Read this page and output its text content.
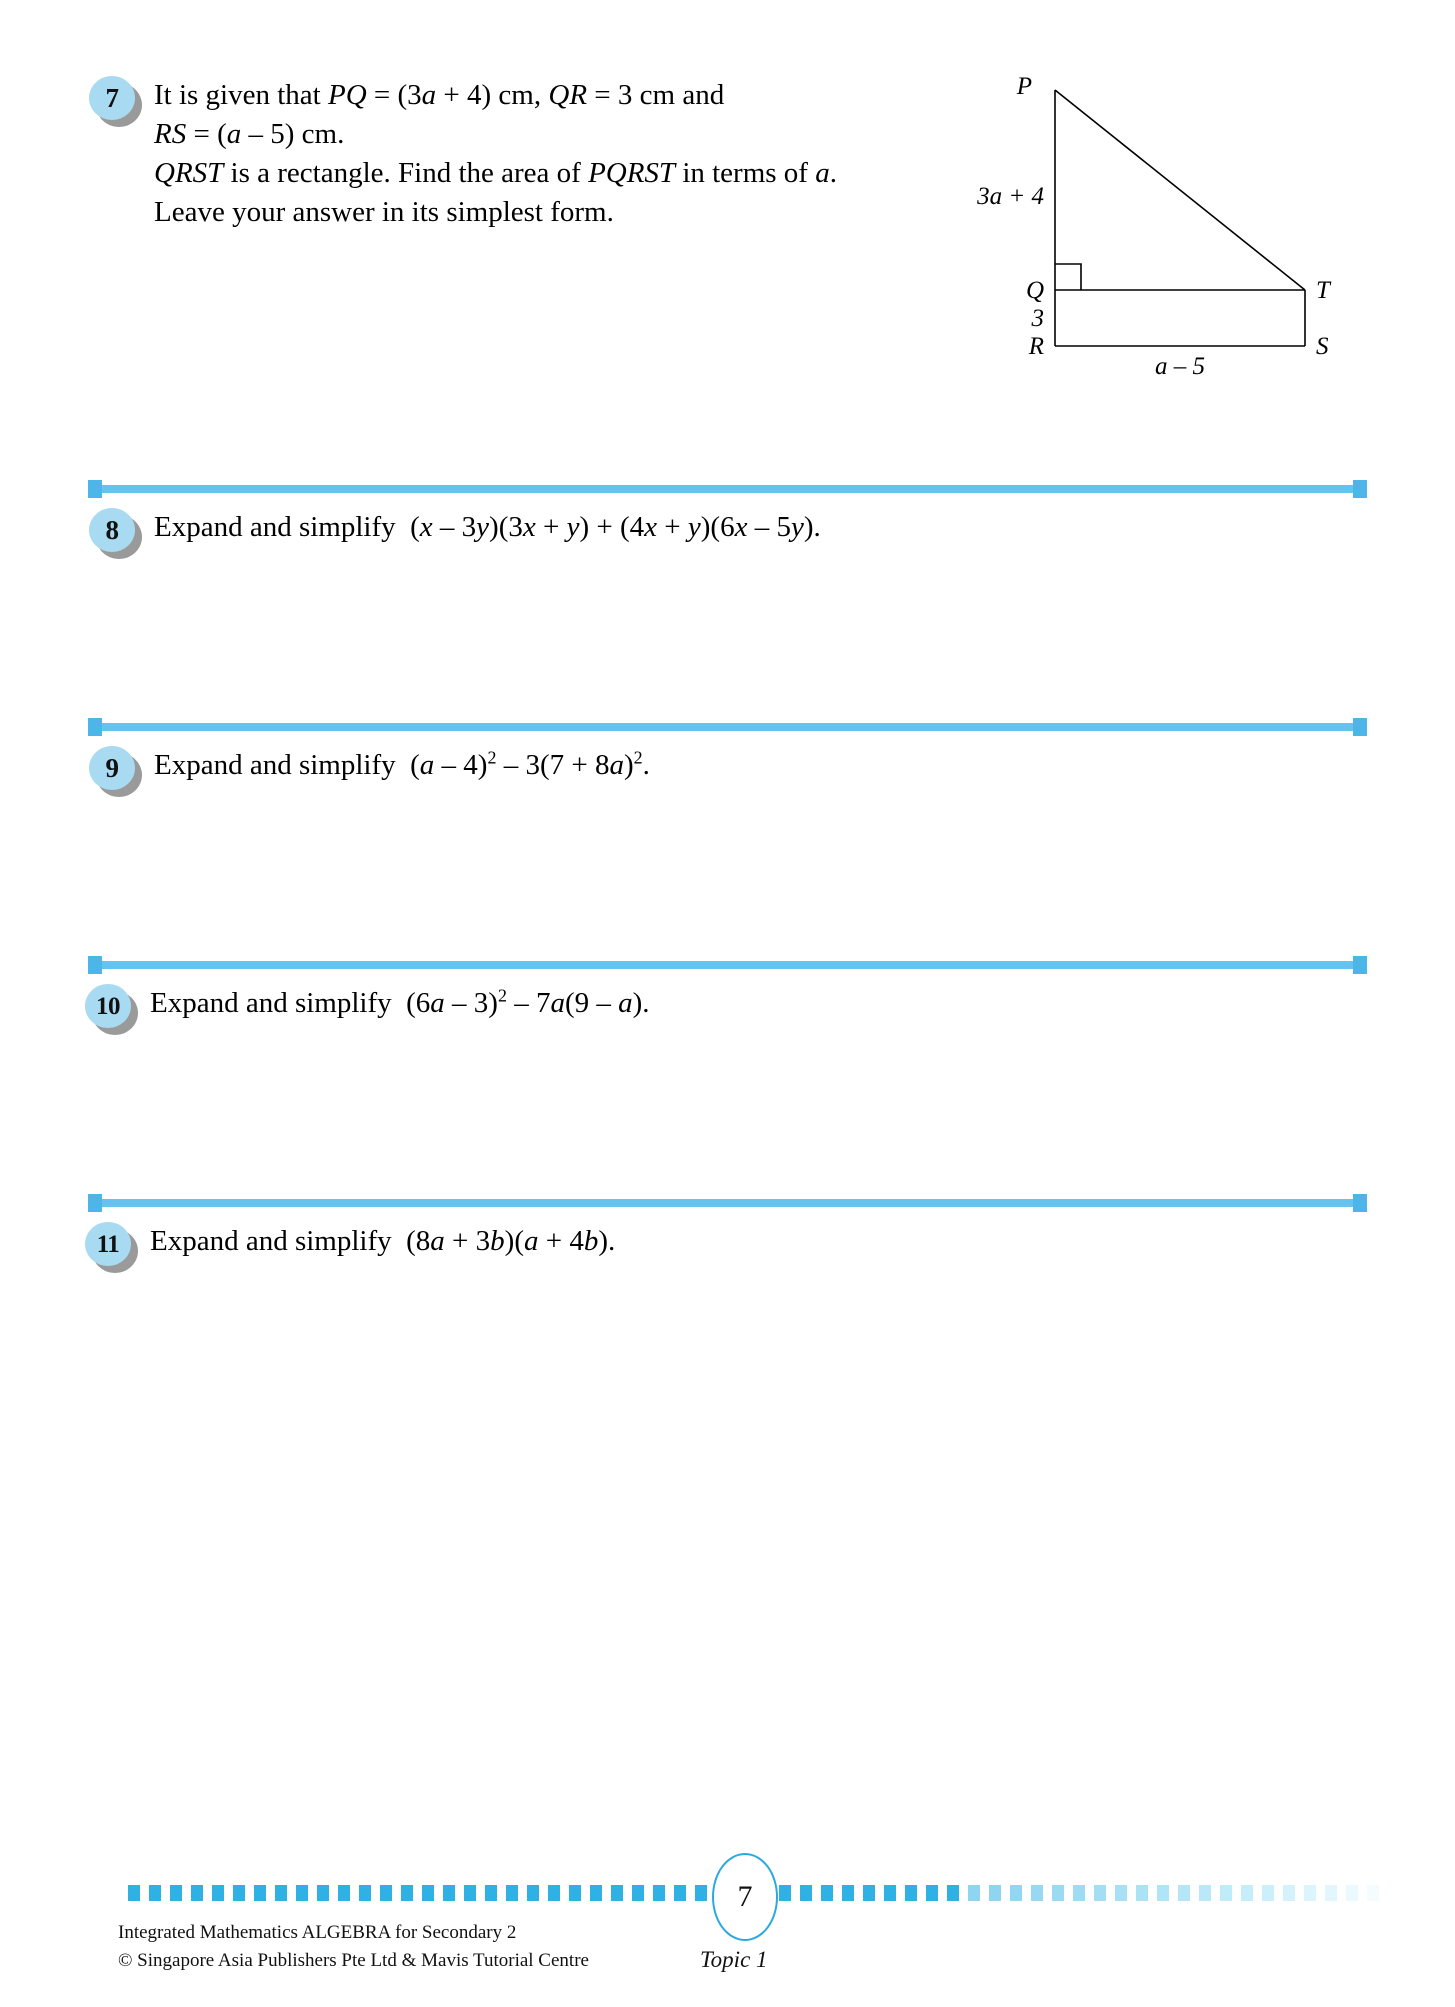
7 It is given that PQ = (3a + 4) cm, QR = 3 cm and
RS = (a – 5) cm.
QRST is a rectangle. Find the area of PQRST in terms of a.
Leave your answer in its simplest form.
P
Q
R
T
S
3a + 4
3
a – 5
8 Expand and simplify  (x – 3y)(3x + y) + (4x + y)(6x – 5y).
9 Expand and simplify  $(a - 4)^2 - 3(7 + 8a)^2$.
10 Expand and simplify  (6a – 3)$^2$ – 7a(9 – a).
11 Expand and simplify  (8a + 3b)(a + 4b).
7
Integrated Mathematics ALGEBRA for Secondary 2
© Singapore Asia Publishers Pte Ltd & Mavis Tutorial Centre	Topic 1
